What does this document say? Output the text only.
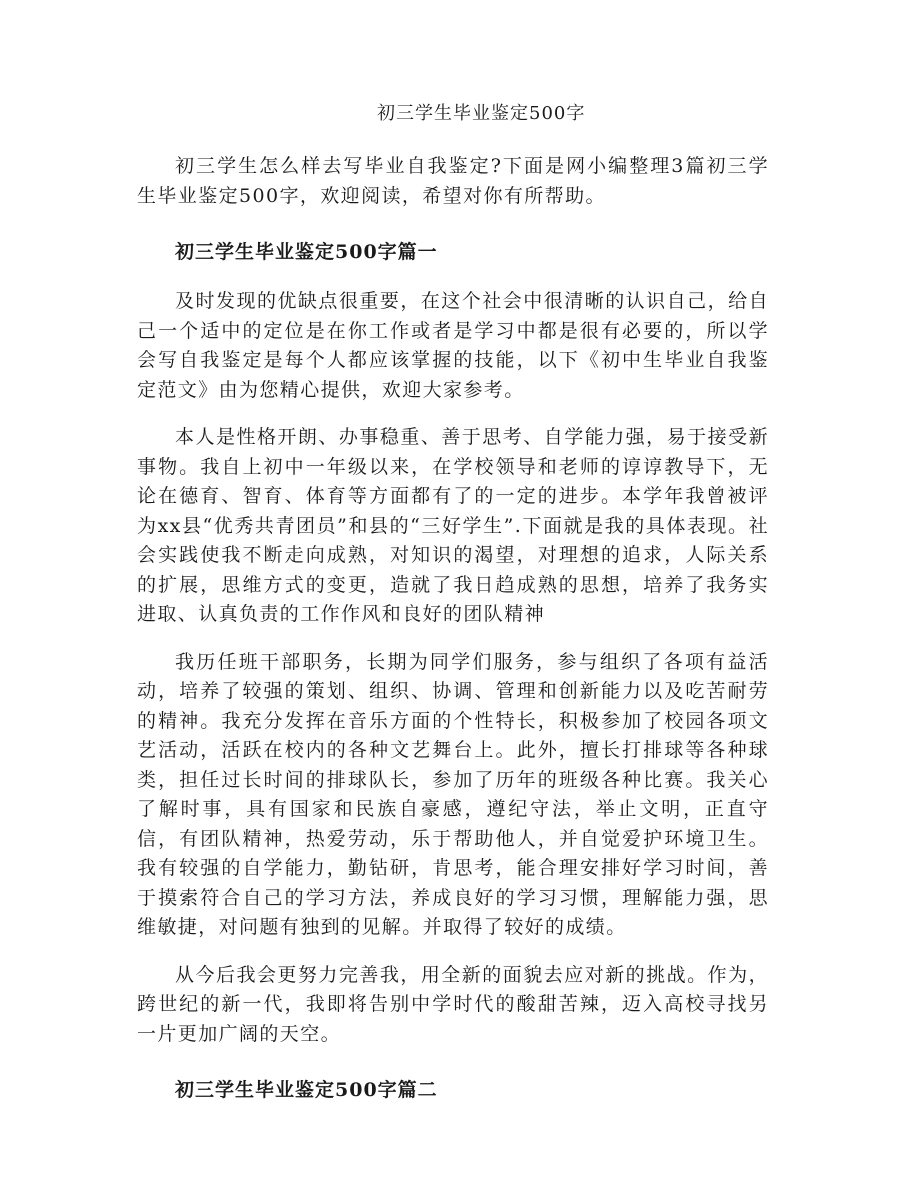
初三学生毕业鉴定500字

初三学生怎么样去写毕业自我鉴定?下面是网小编整理3篇初三学生毕业鉴定500字，欢迎阅读，希望对你有所帮助。

初三学生毕业鉴定500字篇一

及时发现的优缺点很重要，在这个社会中很清晰的认识自己，给自己一个适中的定位是在你工作或者是学习中都是很有必要的，所以学会写自我鉴定是每个人都应该掌握的技能，以下《初中生毕业自我鉴定范文》由为您精心提供，欢迎大家参考。

本人是性格开朗、办事稳重、善于思考、自学能力强，易于接受新事物。我自上初中一年级以来，在学校领导和老师的谆谆教导下，无论在德育、智育、体育等方面都有了的一定的进步。本学年我曾被评为xx县“优秀共青团员”和县的“三好学生”.下面就是我的具体表现。社会实践使我不断走向成熟，对知识的渴望，对理想的追求，人际关系的扩展，思维方式的变更，造就了我日趋成熟的思想，培养了我务实进取、认真负责的工作作风和良好的团队精神

我历任班干部职务，长期为同学们服务，参与组织了各项有益活动，培养了较强的策划、组织、协调、管理和创新能力以及吃苦耐劳的精神。我充分发挥在音乐方面的个性特长，积极参加了校园各项文艺活动，活跃在校内的各种文艺舞台上。此外，擅长打排球等各种球类，担任过长时间的排球队长，参加了历年的班级各种比赛。我关心了解时事，具有国家和民族自豪感，遵纪守法，举止文明，正直守信，有团队精神，热爱劳动，乐于帮助他人，并自觉爱护环境卫生。我有较强的自学能力，勤钻研，肯思考，能合理安排好学习时间，善于摸索符合自己的学习方法，养成良好的学习习惯，理解能力强，思维敏捷，对问题有独到的见解。并取得了较好的成绩。

从今后我会更努力完善我，用全新的面貌去应对新的挑战。作为，跨世纪的新一代，我即将告别中学时代的酸甜苦辣，迈入高校寻找另一片更加广阔的天空。

初三学生毕业鉴定500字篇二
